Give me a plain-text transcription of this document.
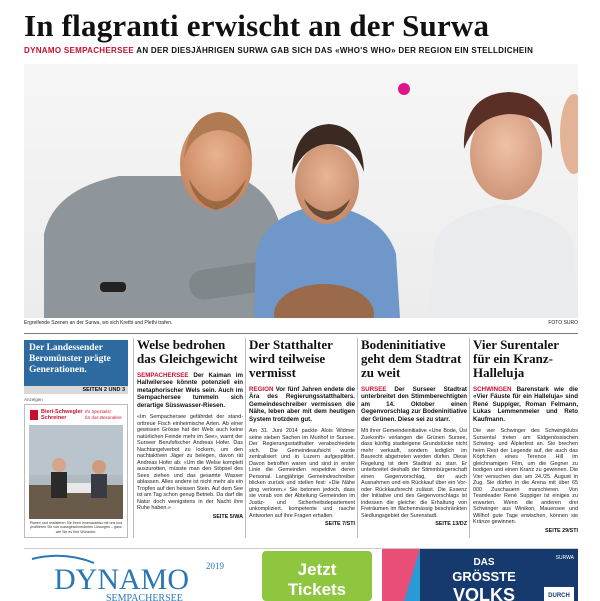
In flagranti erwischt an der Surwa
DYNAMO SEMPACHERSEE AN DER DIESJÄHRIGEN SURWA GAB SICH DAS «WHO'S WHO» DER REGION EIN STELLDICHEIN
Ergreifende Szenen an der Surwa, wo sich Krethi und Plethi trafen.	FOTO SURO
Der Landessender Beromünster prägte Generationen.
SEITEN 2 UND 3
Anzeigen
Bieri-Schwegler
Schreiner
Ihr Spezialist
für das Besondere
Planen und realisieren Sie Ihren Innenausbau mit uns und profitieren Sie von massgeschneiderten Lösungen – ganz wie Sie es Ihre Wünsche.
Welse bedrohen das Gleichgewicht
SEMPACHERSEE Der Kaiman im Hallwilersee könnte potenziell ein metaphorischer Wels sein. Auch im Sempachersee tummeln sich derartige Süsswasser-Riesen.
«Im Sempachersee gefährdet der stand-orttreue Fisch einheimische Arten. Ab einer gewissen Grösse hat der Wels auch keine natürlichen Feinde mehr im See», warnt der Surseer Berufsfischer Andreas Hofer. Das Nachtangelverbot zu lockern, um den nachtaktiven Jäger zu belegen, davon rät Andreas Hofer ab: «Um die Welse komplett auszurotten, müsste man den Stöpsel des Sees ziehen und das gesamte Wasser ablassen. Alles andere ist nicht mehr als ein Tropfen auf den heissen Stein. Auf dem See ist am Tag schon genug Betrieb. Da darf die Natur doch wenigstens in der Nacht ihre Ruhe haben.»
SEITE 5/WA
Der Statthalter wird teilweise vermisst
REGION Vor fünf Jahren endete die Ära des Regierungsstatthalters. Gemeindeschreiber vermissen die Nähe, leben aber mit dem heutigen System trotzdem gut.
Am 31. Juni 2014 packte Alois Widmer seine sieben Sachen im Murihof in Sursee. Der Regierungsstatthalter verabschiedete sich. Die Gemeindeaufsicht wurde zentralisiert und in Luzern aufgesplittet. Davon betroffen waren und sind in erster Linie die Gemeinden respektive deren Personal. Langjährige Gemeindeschreiber blicken zurück und stellen fest: «Die Nähe ging verloren.» Sie betonen jedoch, dass sie vorab von der Abteilung Gemeinden im Justiz- und Sicherheitsdepartement unkompliziert, kompetente und rasche Antworten auf ihre Fragen erhalten.
SEITE 7/STI
Bodeninitiative geht dem Stadtrat zu weit
SURSEE Der Surseer Stadtrat unterbreitet den Stimmberechtigten am 14. Oktober einen Gegenvorschlag zur Bodeninitiative der Grünen. Diese sei zu starr.
Mit ihrer Gemeindeinitiative «Une Bode, Üsi Zuekonft» verlangen die Grünen Sursee, dass künftig stadteigene Grundstücke nicht mehr verkauft, sondern lediglich im Baurecht abgetreten werden dürfen. Diese Regelung ist dem Stadtrat zu starr. Er unterbreitet deshalb der Stimmbürgerschaft einen Gegenvorschlag, der auch Ausnahmen und ein Rückkauf über ein Vor- oder Rückkaufsrecht zulässt. Die Essenz der Initiative und des Gegenvorschlags ist indessen die gleiche: die Erhaltung von Freiräumen im flächenmässig beschränkten Siedlungsgebiet der Surenstadt.
SEITE 13/DZ
Vier Surentaler für ein Kranz-Halleluja
SCHWINGEN Barenstark wie die «Vier Fäuste für ein Halleluja» sind René Suppiger, Roman Felmann, Lukas Lemmenmeier und Reto Kaufmann.
Die vier Schwinger des Schwingklubs Sursental treten am Eidgenössischen Schwing- und Älplerfest an. Sie brechen heim Rest der Legende auf, der auch das Köpfchen eines Terence Hill im gleichnamigen Film, um die Gegner zu bodigen und einen Kranz zu gewinnen. Die Vier versuchen das am 24./25. August in Zug. Sie dürfen in die Arena mit über 65 000 Zuschauern marschieren. Von Teamleader René Suppiger ist einiges zu erwarten. Wenn die anderen drei Schwinger aus Winikon, Mauensee und Willhof gute Tage erwischen, können sie Kränze gewinnen.
SEITE 29/STI
DYNAMO 2019
SEMPACHERSEE
Jetzt
Tickets
DAS
GRÖSSTE
VOLKS	DURCH
SURWA
